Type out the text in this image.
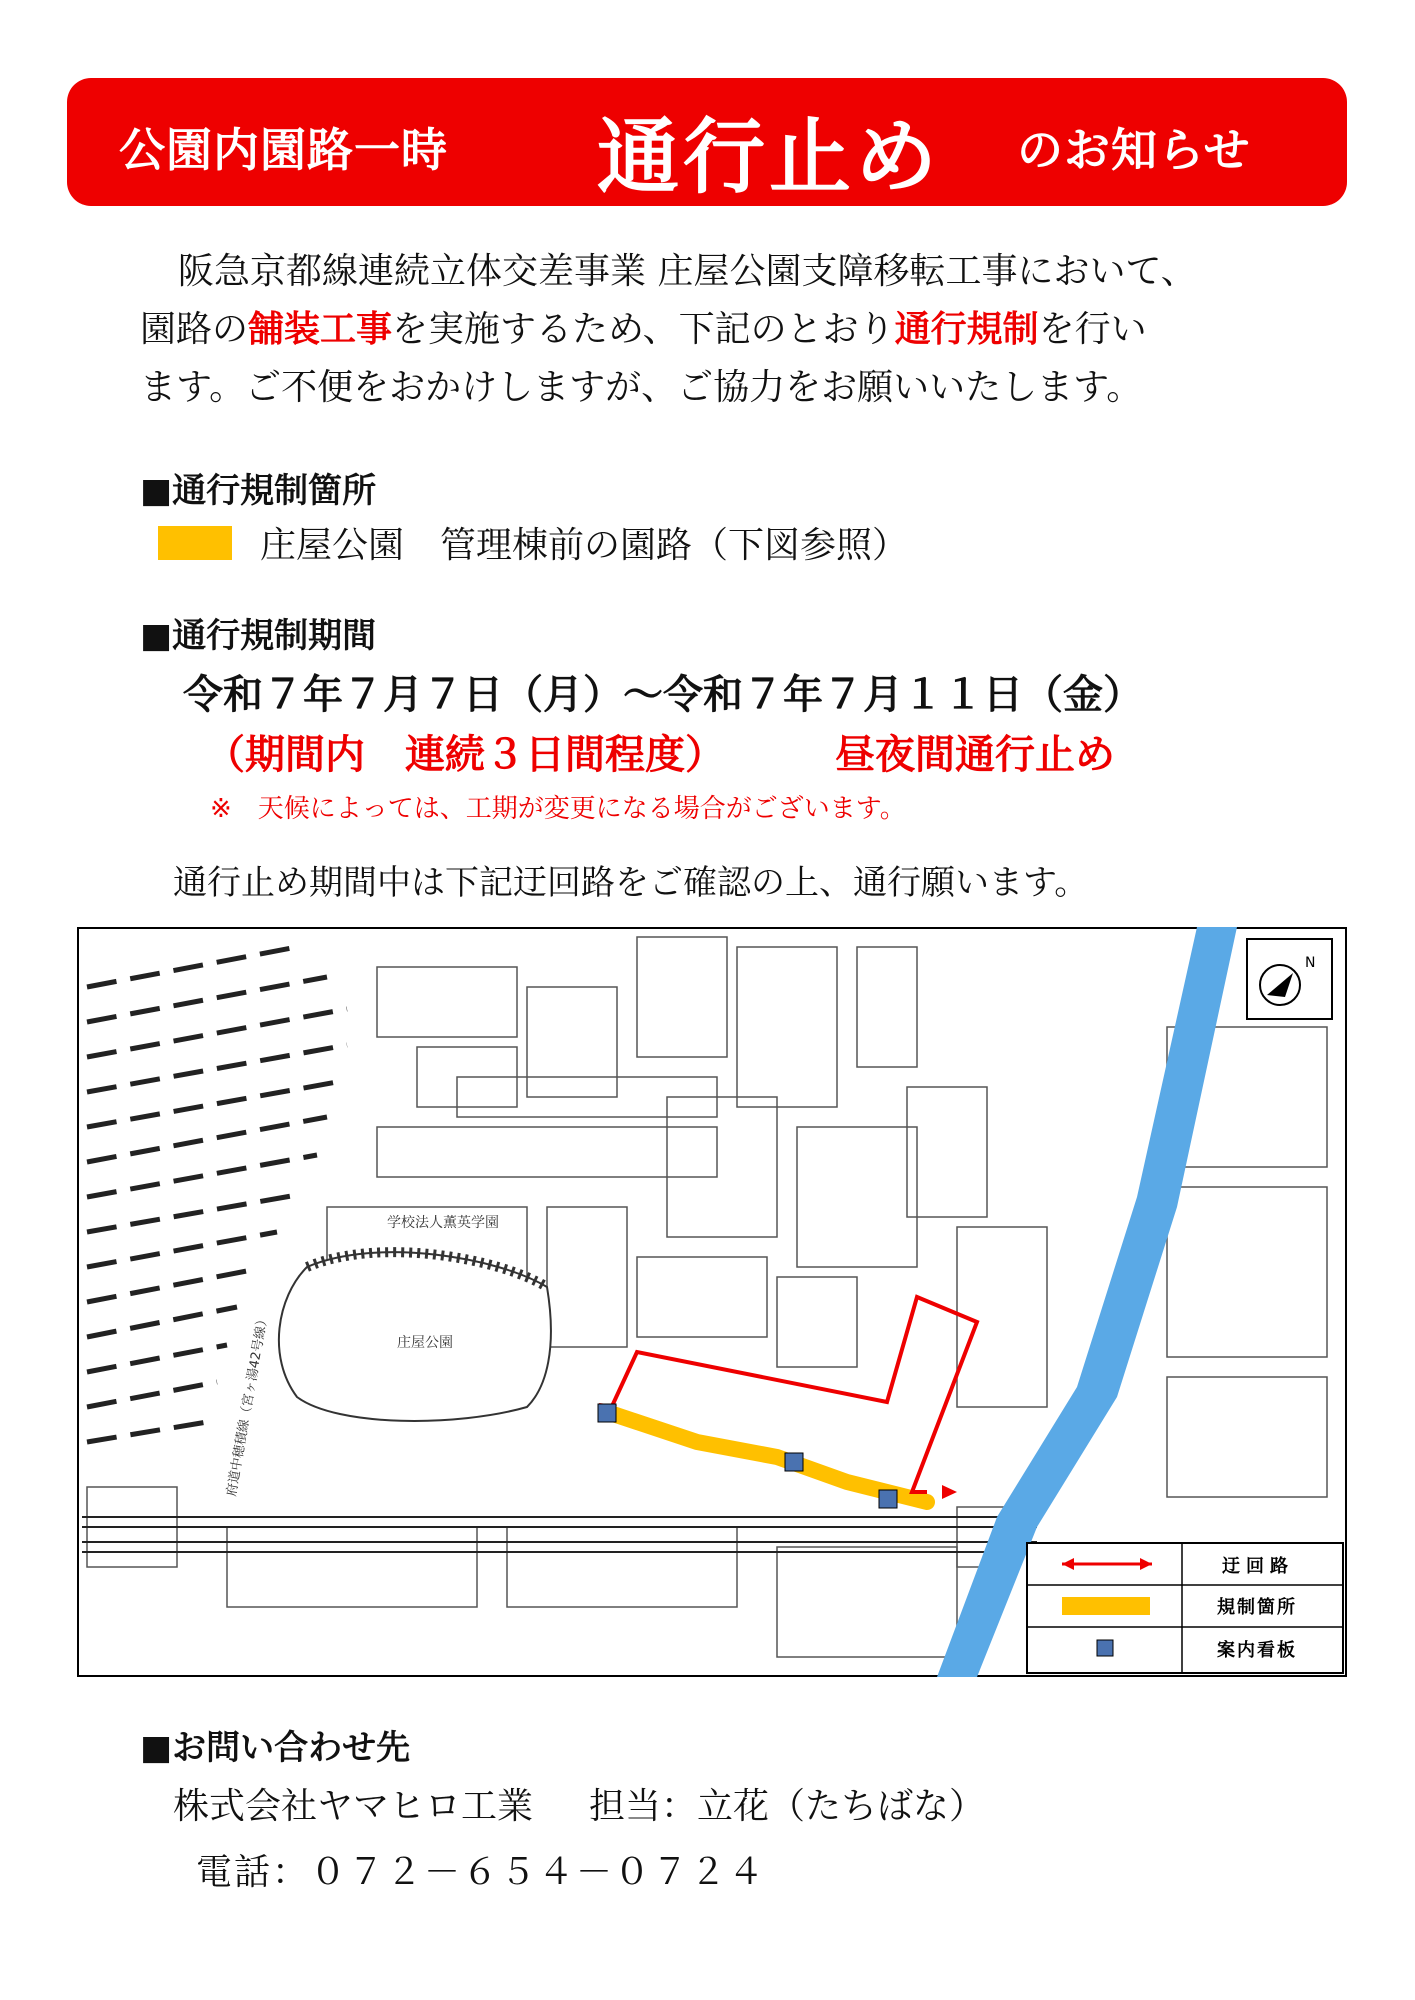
公園内園路一時 通行止め のお知らせ

阪急京都線連続立体交差事業 庄屋公園支障移転工事において、

園路の舗装工事を実施するため、下記のとおり通行規制を行い

ます。ご不便をおかけしますが、ご協力をお願いいたします。

■通行規制箇所
庄屋公園　管理棟前の園路（下図参照）
■通行規制期間
令和７年７月７日（月）～令和７年７月１１日（金）
（期間内　連続３日間程度）	昼夜間通行止め
※　天候によっては、工期が変更になる場合がございます。
通行止め期間中は下記迂回路をご確認の上、通行願います。
庄屋公園
学校法人薫英学園
府道中穂積線（宮ヶ湯42号線）
N
迂回路
規制箇所
案内看板
■お問い合わせ先
株式会社ヤマヒロ工業 担当：立花（たちばな）
電話：０７２－６５４－０７２４
